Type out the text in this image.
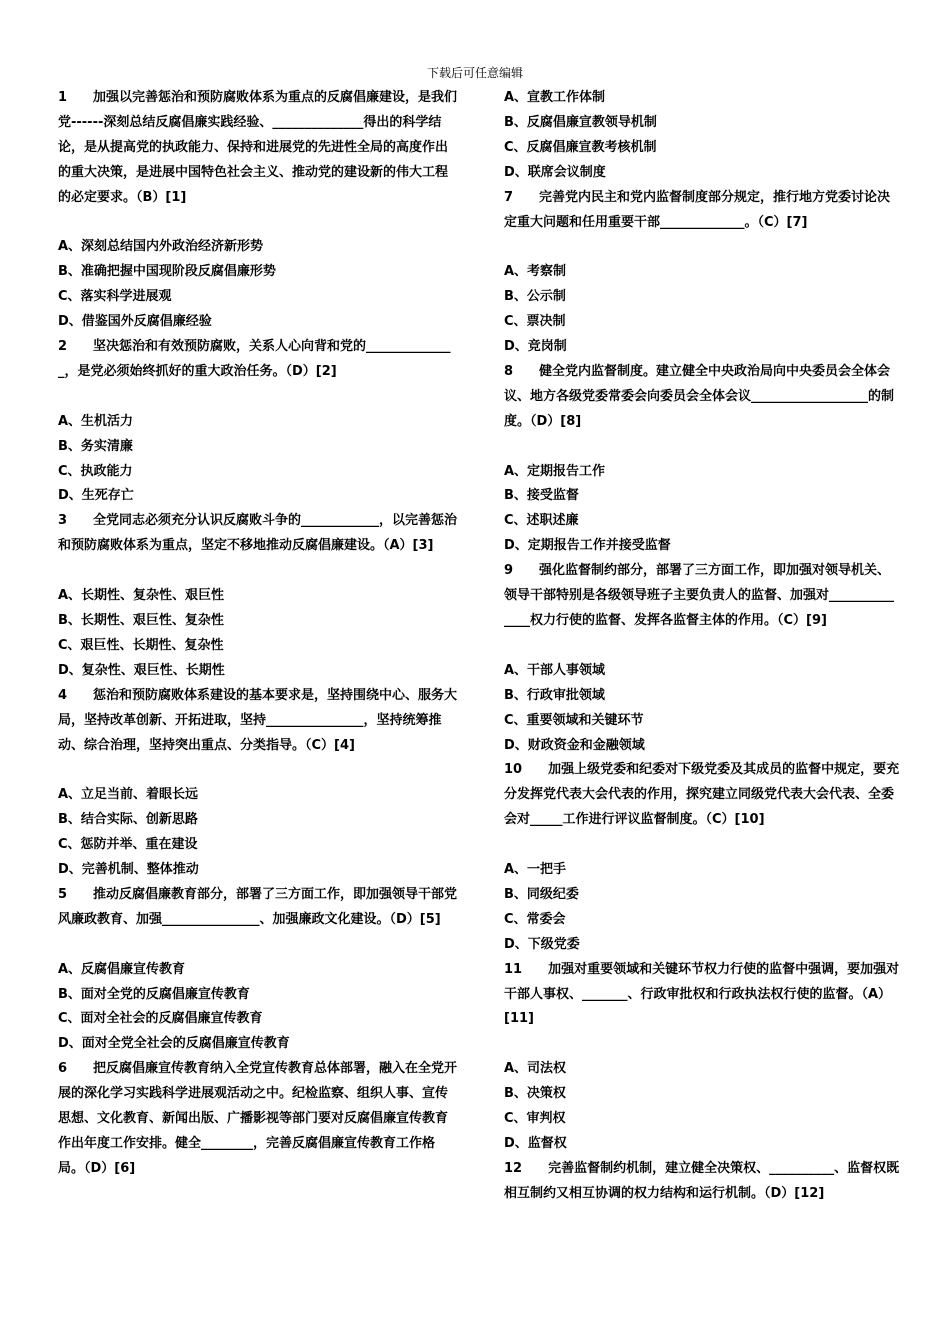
下载后可任意编辑
1　　加强以完善惩治和预防腐败体系为重点的反腐倡廉建设，是我们党------深刻总结反腐倡廉实践经验、______________得出的科学结论，是从提高党的执政能力、保持和进展党的先进性全局的高度作出的重大决策，是进展中国特色社会主义、推动党的建设新的伟大工程的必定要求。（B）[1]
A、深刻总结国内外政治经济新形势
B、准确把握中国现阶段反腐倡廉形势
C、落实科学进展观
D、借鉴国外反腐倡廉经验
2　　坚决惩治和有效预防腐败，关系人心向背和党的______________，是党必须始终抓好的重大政治任务。（D）[2]
A、生机活力
B、务实清廉
C、执政能力
D、生死存亡
3　　全党同志必须充分认识反腐败斗争的____________，以完善惩治和预防腐败体系为重点，坚定不移地推动反腐倡廉建设。（A）[3]
A、长期性、复杂性、艰巨性
B、长期性、艰巨性、复杂性
C、艰巨性、长期性、复杂性
D、复杂性、艰巨性、长期性
4　　惩治和预防腐败体系建设的基本要求是，坚持围绕中心、服务大局，坚持改革创新、开拓进取，坚持_______________，坚持统筹推动、综合治理，坚持突出重点、分类指导。（C）[4]
A、立足当前、着眼长远
B、结合实际、创新思路
C、惩防并举、重在建设
D、完善机制、整体推动
5　　推动反腐倡廉教育部分，部署了三方面工作，即加强领导干部党风廉政教育、加强_______________、加强廉政文化建设。（D）[5]
A、反腐倡廉宣传教育
B、面对全党的反腐倡廉宣传教育
C、面对全社会的反腐倡廉宣传教育
D、面对全党全社会的反腐倡廉宣传教育
6　　把反腐倡廉宣传教育纳入全党宣传教育总体部署，融入在全党开展的深化学习实践科学进展观活动之中。纪检监察、组织人事、宣传思想、文化教育、新闻出版、广播影视等部门要对反腐倡廉宣传教育作出年度工作安排。健全________，完善反腐倡廉宣传教育工作格局。（D）[6]
A、宣教工作体制
B、反腐倡廉宣教领导机制
C、反腐倡廉宣教考核机制
D、联席会议制度
7　　完善党内民主和党内监督制度部分规定，推行地方党委讨论决定重大问题和任用重要干部_____________。（C）[7]
A、考察制
B、公示制
C、票决制
D、竞岗制
8　　健全党内监督制度。建立健全中央政治局向中央委员会全体会议、地方各级党委常委会向委员会全体会议__________________的制度。（D）[8]
A、定期报告工作
B、接受监督
C、述职述廉
D、定期报告工作并接受监督
9　　强化监督制约部分，部署了三方面工作，即加强对领导机关、领导干部特别是各级领导班子主要负责人的监督、加强对______________权力行使的监督、发挥各监督主体的作用。（C）[9]
A、干部人事领域
B、行政审批领域
C、重要领域和关键环节
D、财政资金和金融领域
10　　加强上级党委和纪委对下级党委及其成员的监督中规定，要充分发挥党代表大会代表的作用，探究建立同级党代表大会代表、全委会对_____工作进行评议监督制度。（C）[10]
A、一把手
B、同级纪委
C、常委会
D、下级党委
11　　加强对重要领域和关键环节权力行使的监督中强调，要加强对干部人事权、_______、行政审批权和行政执法权行使的监督。（A）[11]
A、司法权
B、决策权
C、审判权
D、监督权
12　　完善监督制约机制，建立健全决策权、__________、监督权既相互制约又相互协调的权力结构和运行机制。（D）[12]
